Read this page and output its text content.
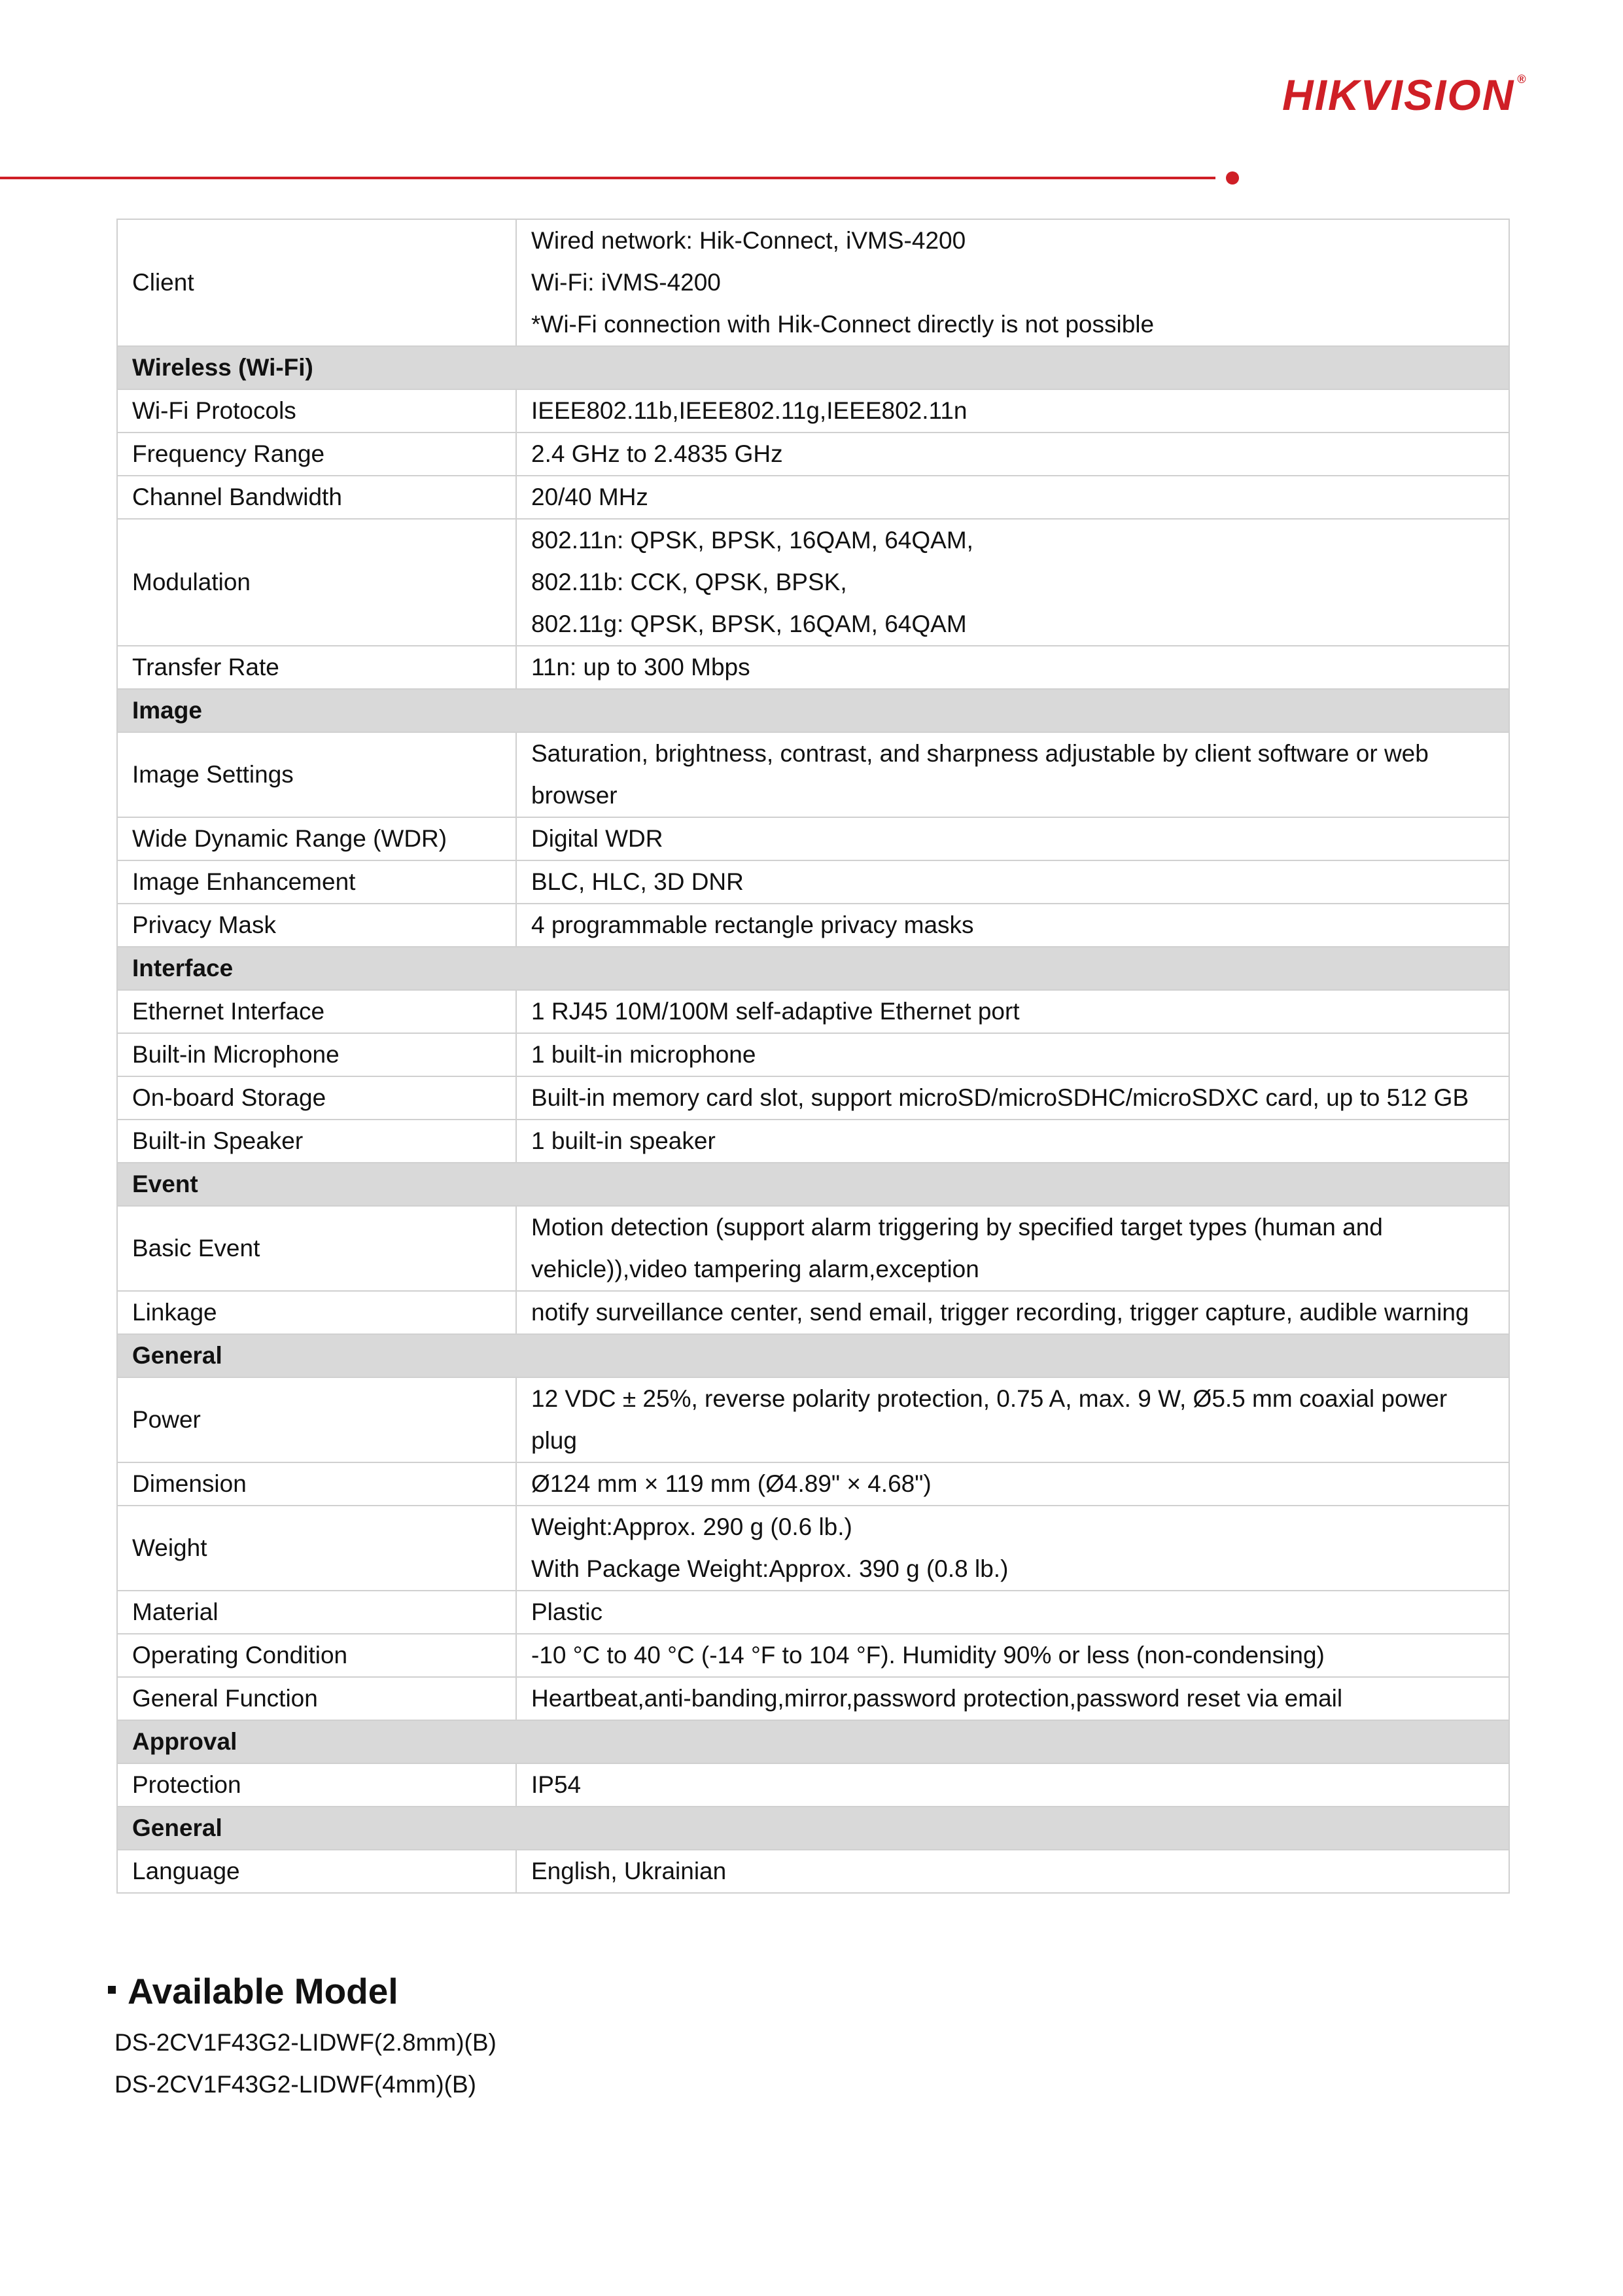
HIKVISION ®
Client	Wired network: Hik-Connect, iVMS-4200
Wi-Fi: iVMS-4200
*Wi-Fi connection with Hik-Connect directly is not possible

Wireless (Wi-Fi)	
Wi-Fi Protocols	IEEE802.11b,IEEE802.11g,IEEE802.11n

Frequency Range	2.4 GHz to 2.4835 GHz

Channel Bandwidth	20/40 MHz

Modulation	802.11n: QPSK, BPSK, 16QAM, 64QAM,
802.11b: CCK, QPSK, BPSK,
802.11g: QPSK, BPSK, 16QAM, 64QAM

Transfer Rate	11n: up to 300 Mbps

Image	
Image Settings	Saturation, brightness, contrast, and sharpness adjustable by client software or web browser

Wide Dynamic Range (WDR)	Digital WDR

Image Enhancement	BLC, HLC, 3D DNR

Privacy Mask	4 programmable rectangle privacy masks

Interface	
Ethernet Interface	1 RJ45 10M/100M self-adaptive Ethernet port

Built-in Microphone	1 built-in microphone

On-board Storage	Built-in memory card slot, support microSD/microSDHC/microSDXC card, up to 512 GB

Built-in Speaker	1 built-in speaker

Event	
Basic Event	Motion detection (support alarm triggering by specified target types (human and vehicle)),video tampering alarm,exception

Linkage	notify surveillance center, send email, trigger recording, trigger capture, audible warning

General	
Power	12 VDC ± 25%, reverse polarity protection, 0.75 A, max. 9 W, Ø5.5 mm coaxial power plug

Dimension	Ø124 mm × 119 mm (Ø4.89" × 4.68")

Weight	Weight:Approx. 290 g (0.6 lb.)
With Package Weight:Approx. 390 g (0.8 lb.)

Material	Plastic

Operating Condition	-10 °C to 40 °C (-14 °F to 104 °F). Humidity 90% or less (non-condensing)

General Function	Heartbeat,anti-banding,mirror,password protection,password reset via email

Approval	
Protection	IP54

General	
Language	English, Ukrainian
Available Model
DS-2CV1F43G2-LIDWF(2.8mm)(B)
DS-2CV1F43G2-LIDWF(4mm)(B)
